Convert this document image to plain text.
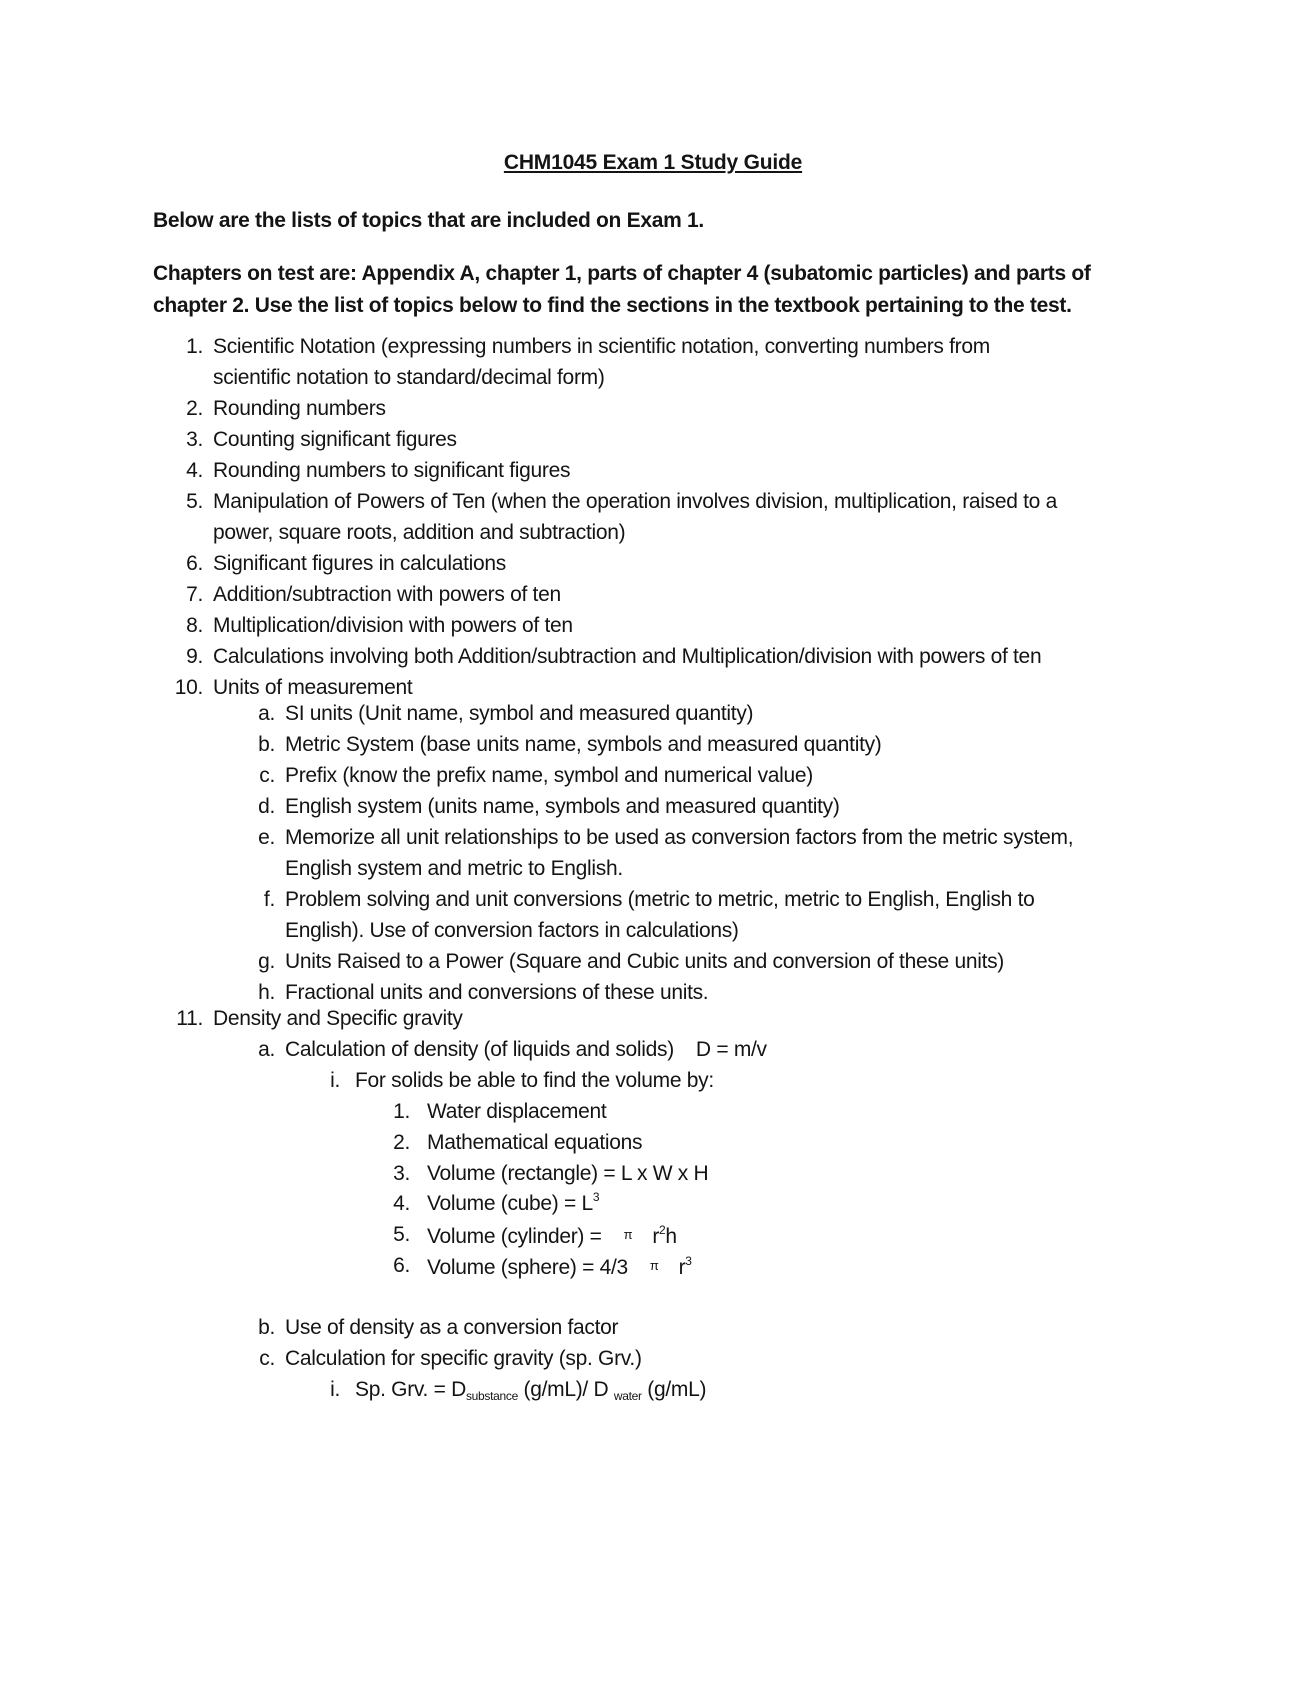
CHM1045 Exam 1 Study Guide
Below are the lists of topics that are included on Exam 1.
Chapters on test are: Appendix A, chapter 1, parts of chapter 4 (subatomic particles) and parts of chapter 2. Use the list of topics below to find the sections in the textbook pertaining to the test.
1. Scientific Notation (expressing numbers in scientific notation, converting numbers from
scientific notation to standard/decimal form)
2. Rounding numbers
3. Counting significant figures
4. Rounding numbers to significant figures
5. Manipulation of Powers of Ten (when the operation involves division, multiplication, raised to a
power, square roots, addition and subtraction)
6. Significant figures in calculations
7. Addition/subtraction with powers of ten
8. Multiplication/division with powers of ten
9. Calculations involving both Addition/subtraction and Multiplication/division with powers of ten
10. Units of measurement
a. SI units (Unit name, symbol and measured quantity)
b. Metric System (base units name, symbols and measured quantity)
c. Prefix (know the prefix name, symbol and numerical value)
d. English system (units name, symbols and measured quantity)
e. Memorize all unit relationships to be used as conversion factors from the metric system,
English system and metric to English.
f. Problem solving and unit conversions (metric to metric, metric to English, English to
English). Use of conversion factors in calculations)
g. Units Raised to a Power (Square and Cubic units and conversion of these units)
h. Fractional units and conversions of these units.
11. Density and Specific gravity
a. Calculation of density (of liquids and solids) D = m/v
i. For solids be able to find the volume by:
1. Water displacement
2. Mathematical equations
3. Volume (rectangle) = L x W x H
4. Volume (cube) = $L^3$
5. Volume (cylinder) = π $r^2h$
6. Volume (sphere) = 4/3 π $r^3$
b. Use of density as a conversion factor
c. Calculation for specific gravity (sp. Grv.)
i. Sp. Grv. = $D_{substance}$ (g/mL)/ D $_{water}$ (g/mL)
